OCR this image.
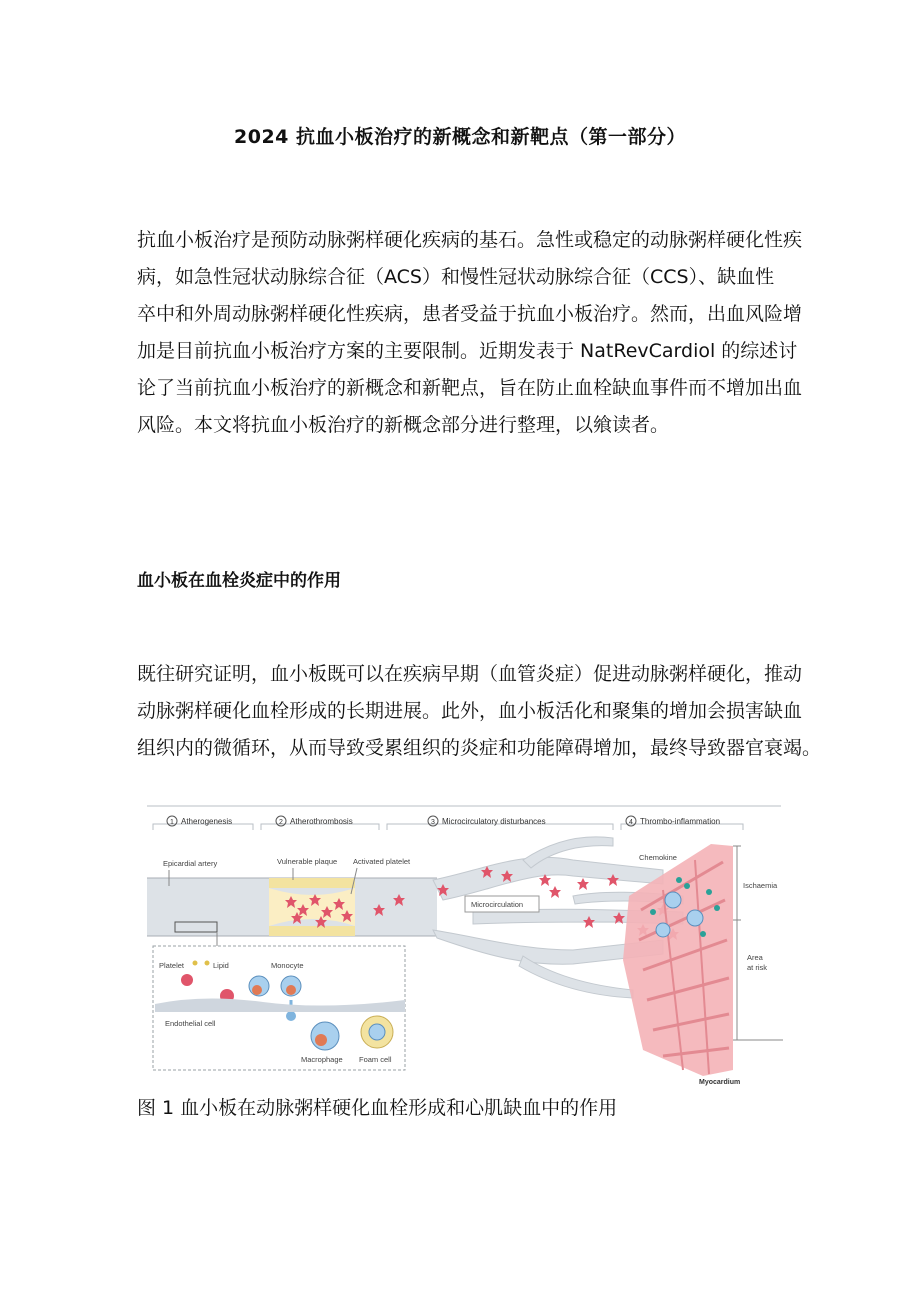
2024 抗血小板治疗的新概念和新靶点（第一部分）

抗血小板治疗是预防动脉粥样硬化疾病的基石。急性或稳定的动脉粥样硬化性疾
病，如急性冠状动脉综合征（ACS）和慢性冠状动脉综合征（CCS）、缺血性
卒中和外周动脉粥样硬化性疾病，患者受益于抗血小板治疗。然而，出血风险增
加是目前抗血小板治疗方案的主要限制。近期发表于 NatRevCardiol 的综述讨
论了当前抗血小板治疗的新概念和新靶点，旨在防止血栓缺血事件而不增加出血
风险。本文将抗血小板治疗的新概念部分进行整理，以飨读者。

血小板在血栓炎症中的作用

既往研究证明，血小板既可以在疾病早期（血管炎症）促进动脉粥样硬化，推动
动脉粥样硬化血栓形成的长期进展。此外，血小板活化和聚集的增加会损害缺血
组织内的微循环，从而导致受累组织的炎症和功能障碍增加，最终导致器官衰竭。

1 Atherogenesis	2 Atherothrombosis	3 Microcirculatory disturbances	4 Thrombo-inflammation
Epicardial artery	Vulnerable plaque Activated platelet
Microcirculation
Chemokine
Ischaemia
Area
at risk
Myocardium
Platelet	Lipid	Monocyte
Endothelial cell
Macrophage Foam cell
图 1 血小板在动脉粥样硬化血栓形成和心肌缺血中的作用
